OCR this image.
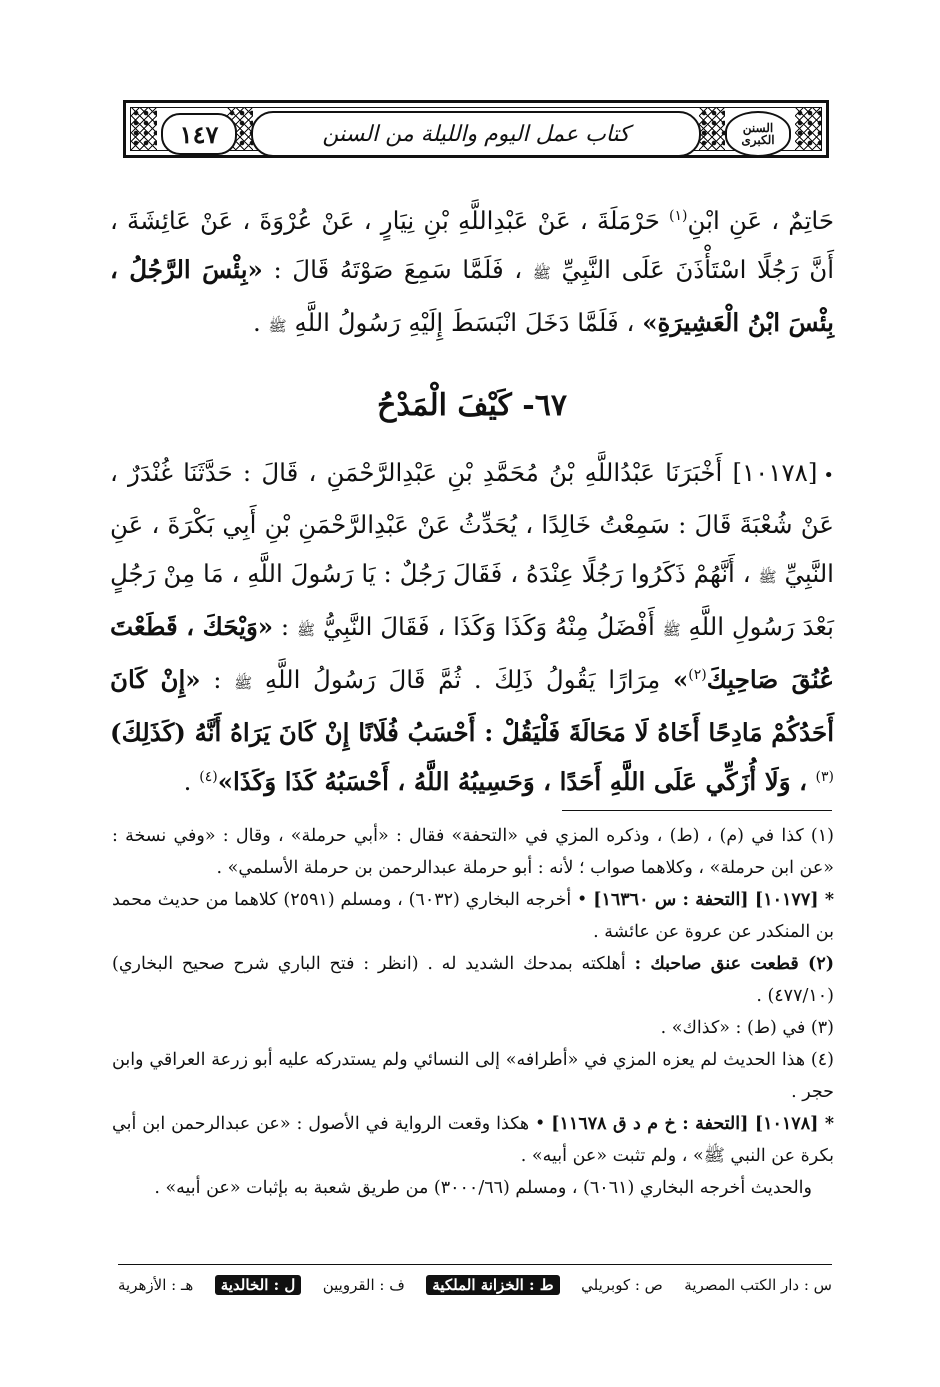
السنن الكبرى
كتاب عمل اليوم والليلة من السنن
١٤٧
حَاتِمٌ ، عَنِ ابْنِ$^{(١)}$ حَرْمَلَةَ ، عَنْ عَبْدِاللَّهِ بْنِ نِيَارٍ ، عَنْ عُرْوَةَ ، عَنْ عَائِشَةَ ، أَنَّ رَجُلًا اسْتَأْذَنَ عَلَى النَّبِيِّ ﷺ ، فَلَمَّا سَمِعَ صَوْتَهُ قَالَ : «بِئْسَ الرَّجُلُ ، بِئْسَ ابْنُ الْعَشِيرَةِ» ، فَلَمَّا دَخَلَ انْبَسَطَ إِلَيْهِ رَسُولُ اللَّهِ ﷺ .
٦٧- كَيْفَ الْمَدْحُ
•[١٠١٧٨] أَخْبَرَنَا عَبْدُاللَّهِ بْنُ مُحَمَّدِ بْنِ عَبْدِالرَّحْمَنِ ، قَالَ : حَدَّثَنَا غُنْدَرٌ ، عَنْ شُعْبَةَ قَالَ : سَمِعْتُ خَالِدًا ، يُحَدِّثُ عَنْ عَبْدِالرَّحْمَنِ بْنِ أَبِي بَكْرَةَ ، عَنِ النَّبِيِّ ﷺ ، أَنَّهُمْ ذَكَرُوا رَجُلًا عِنْدَهُ ، فَقَالَ رَجُلٌ : يَا رَسُولَ اللَّهِ ، مَا مِنْ رَجُلٍ بَعْدَ رَسُولِ اللَّهِ ﷺ أَفْضَلُ مِنْهُ وَكَذَا وَكَذَا ، فَقَالَ النَّبِيُّ ﷺ : «وَيْحَكَ ، قَطَعْتَ عُنُقَ صَاحِبِكَ$^{(٢)}$» مِرَارًا يَقُولُ ذَلِكَ . ثُمَّ قَالَ رَسُولُ اللَّهِ ﷺ : «إِنْ كَانَ أَحَدُكُمْ مَادِحًا أَخَاهُ لَا مَحَالَةَ فَلْيَقُلْ : أَحْسَبُ فُلَانًا إِنْ كَانَ يَرَاهُ أَنَّهُ (كَذَلِكَ)$^{(٣)}$ ، وَلَا أُزَكِّي عَلَى اللَّهِ أَحَدًا ، وَحَسِيبُهُ اللَّهُ ، أَحْسَبُهُ كَذَا وَكَذَا»$^{(٤)}$ .

(١) كذا في (م) ، (ط) ، وذكره المزي في «التحفة» فقال : «أبي حرملة» ، وقال : «وفي نسخة : «عن ابن حرملة» ، وكلاهما صواب ؛ لأنه : أبو حرملة عبدالرحمن بن حرملة الأسلمي» .

* [١٠١٧٧] [التحفة : س ١٦٣٦٠] • أخرجه البخاري (٦٠٣٢) ، ومسلم (٢٥٩١) كلاهما من حديث محمد بن المنكدر عن عروة عن عائشة .

(٢) قطعت عنق صاحبك : أهلكته بمدحك الشديد له . (انظر : فتح الباري شرح صحيح البخاري) (٤٧٧/١٠) .

(٣) في (ط) : «كذاك» .

(٤) هذا الحديث لم يعزه المزي في «أطرافه» إلى النسائي ولم يستدركه عليه أبو زرعة العراقي وابن حجر .

* [١٠١٧٨] [التحفة : خ م د ق ١١٦٧٨] • هكذا وقعت الرواية في الأصول : «عن عبدالرحمن ابن أبي بكرة عن النبي ﷺ» ، ولم تثبت «عن أبيه» .

والحديث أخرجه البخاري (٦٠٦١) ، ومسلم (٣٠٠٠/٦٦) من طريق شعبة به بإثبات «عن أبيه» .

س : دار الكتب المصرية
ص : كوبريلي
ط : الخزانة الملكية
ف : القرويين
ل : الخالدية
هـ : الأزهرية
